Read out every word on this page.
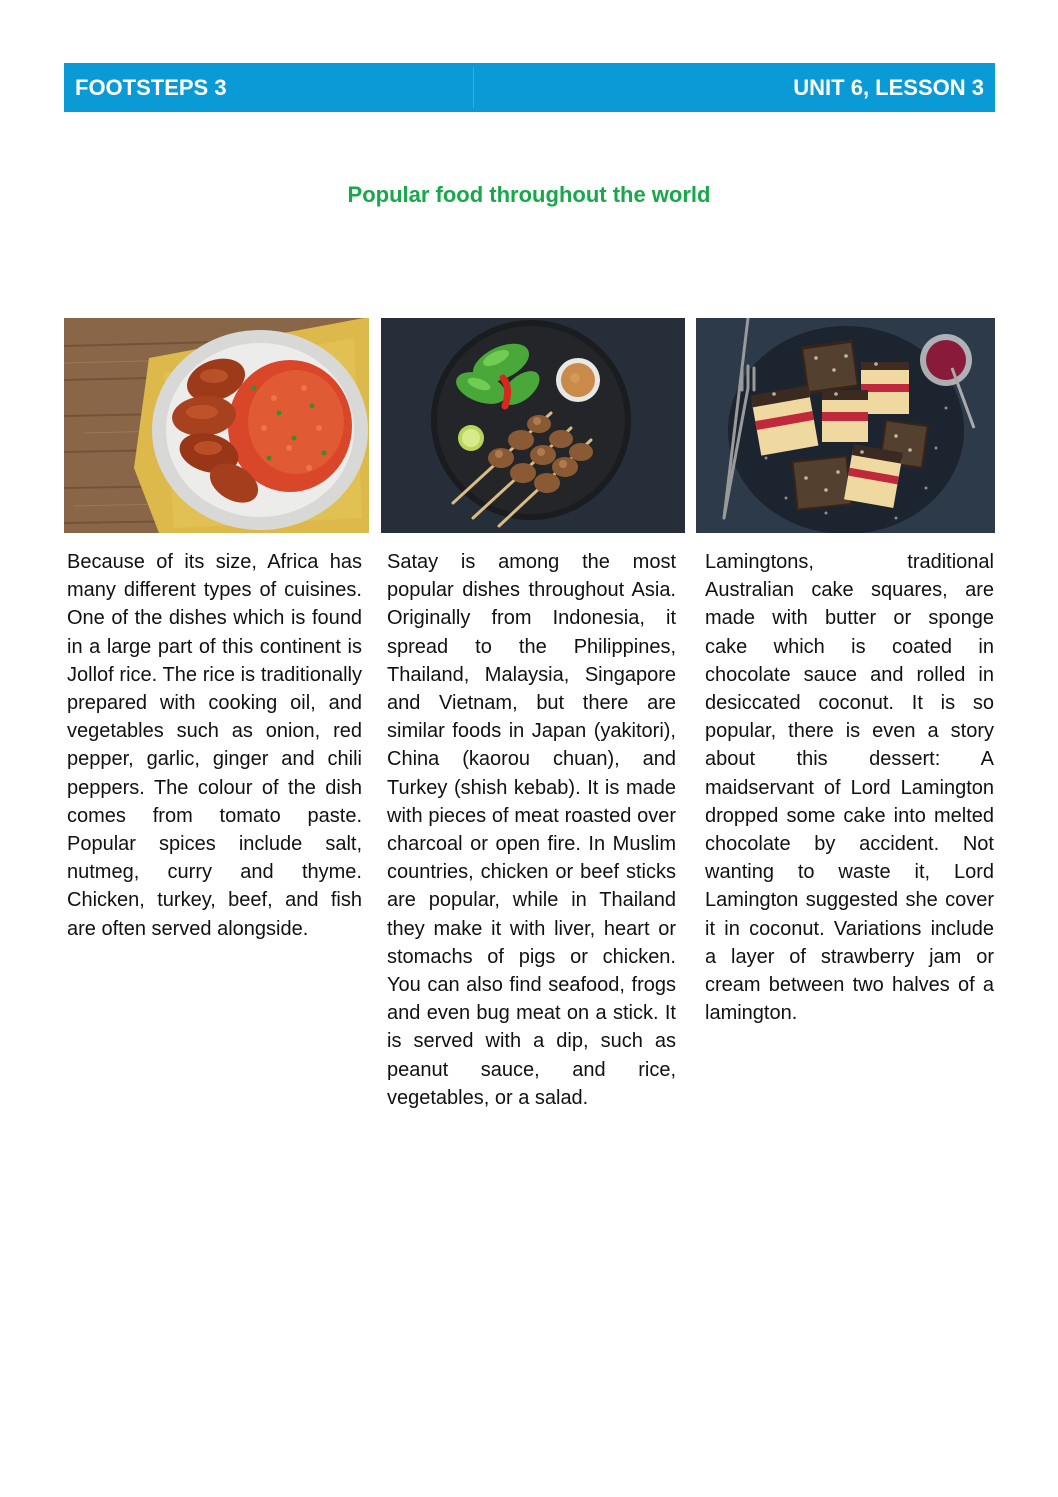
FOOTSTEPS 3	UNIT 6, LESSON 3
Popular food throughout the world
Because of its size, Africa has many different types of cuisines. One of the dishes which is found in a large part of this continent is Jollof rice. The rice is traditionally prepared with cooking oil, and vegetables such as onion, red pepper, garlic, ginger and chili peppers. The colour of the dish comes from tomato paste. Popular spices include salt, nutmeg, curry and thyme. Chicken, turkey, beef, and fish are often served alongside.
Satay is among the most popular dishes throughout Asia. Originally from Indonesia, it spread to the Philippines, Thailand, Malaysia, Singapore and Vietnam, but there are similar foods in Japan (yakitori), China (kaorou chuan), and Turkey (shish kebab). It is made with pieces of meat roasted over charcoal or open fire. In Muslim countries, chicken or beef sticks are popular, while in Thailand they make it with liver, heart or stomachs of pigs or chicken. You can also find seafood, frogs and even bug meat on a stick. It is served with a dip, such as peanut sauce, and rice, vegetables, or a salad.
Lamingtons, traditional Australian cake squares, are made with butter or sponge cake which is coated in chocolate sauce and rolled in desiccated coconut. It is so popular, there is even a story about this dessert: A maidservant of Lord Lamington dropped some cake into melted chocolate by accident. Not wanting to waste it, Lord Lamington suggested she cover it in coconut. Variations include a layer of strawberry jam or cream between two halves of a lamington.
